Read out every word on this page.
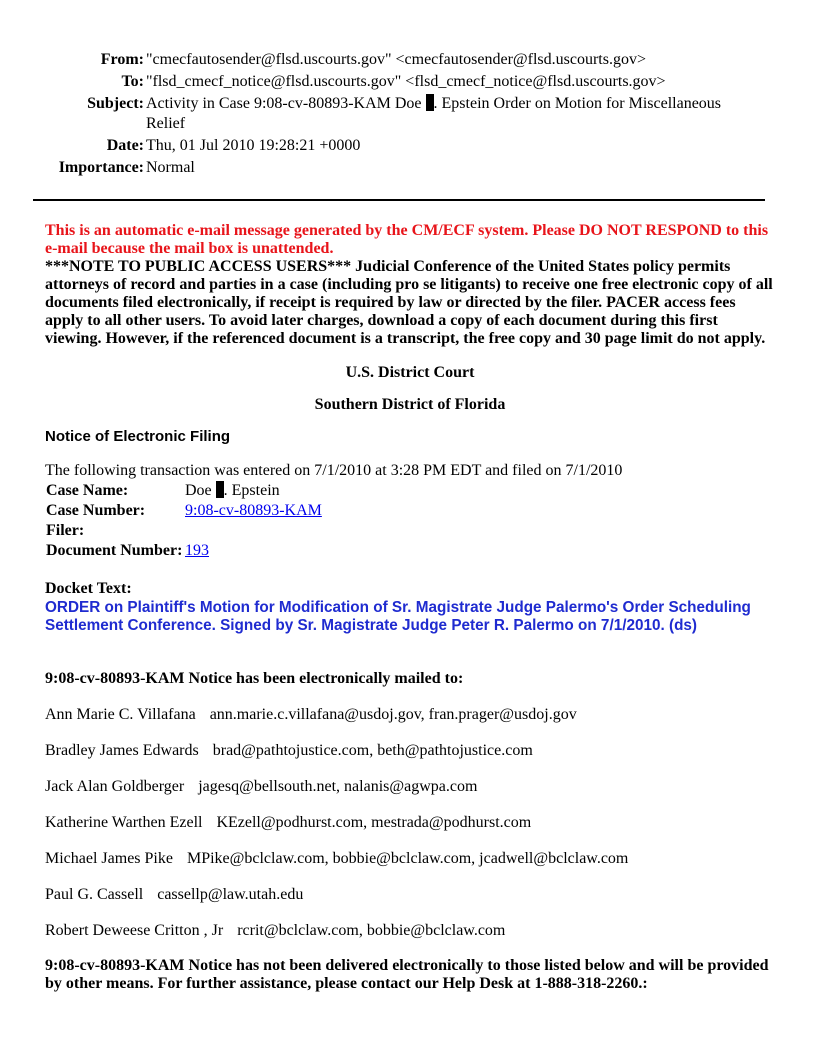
From: "cmecfautosender@flsd.uscourts.gov" <cmecfautosender@flsd.uscourts.gov>
To: "flsd_cmecf_notice@flsd.uscourts.gov" <flsd_cmecf_notice@flsd.uscourts.gov>
Subject: Activity in Case 9:08-cv-80893-KAM Doe . Epstein Order on Motion for Miscellaneous Relief
Date: Thu, 01 Jul 2010 19:28:21 +0000
Importance: Normal
This is an automatic e-mail message generated by the CM/ECF system. Please DO NOT RESPOND to this e-mail because the mail box is unattended.
***NOTE TO PUBLIC ACCESS USERS*** Judicial Conference of the United States policy permits attorneys of record and parties in a case (including pro se litigants) to receive one free electronic copy of all documents filed electronically, if receipt is required by law or directed by the filer. PACER access fees apply to all other users. To avoid later charges, download a copy of each document during this first viewing. However, if the referenced document is a transcript, the free copy and 30 page limit do not apply.
U.S. District Court
Southern District of Florida
Notice of Electronic Filing
The following transaction was entered on 7/1/2010 at 3:28 PM EDT and filed on 7/1/2010
Case Name:	Doe . Epstein
Case Number:	9:08-cv-80893-KAM
Filer:	
Document Number:	193
Docket Text:
ORDER on Plaintiff's Motion for Modification of Sr. Magistrate Judge Palermo's Order Scheduling Settlement Conference. Signed by Sr. Magistrate Judge Peter R. Palermo on 7/1/2010. (ds)
9:08-cv-80893-KAM Notice has been electronically mailed to:
Ann Marie C. Villafana ann.marie.c.villafana@usdoj.gov, fran.prager@usdoj.gov
Bradley James Edwards brad@pathtojustice.com, beth@pathtojustice.com
Jack Alan Goldberger jagesq@bellsouth.net, nalanis@agwpa.com
Katherine Warthen Ezell KEzell@podhurst.com, mestrada@podhurst.com
Michael James Pike MPike@bclclaw.com, bobbie@bclclaw.com, jcadwell@bclclaw.com
Paul G. Cassell cassellp@law.utah.edu
Robert Deweese Critton , Jr rcrit@bclclaw.com, bobbie@bclclaw.com
9:08-cv-80893-KAM Notice has not been delivered electronically to those listed below and will be provided by other means. For further assistance, please contact our Help Desk at 1-888-318-2260.:
